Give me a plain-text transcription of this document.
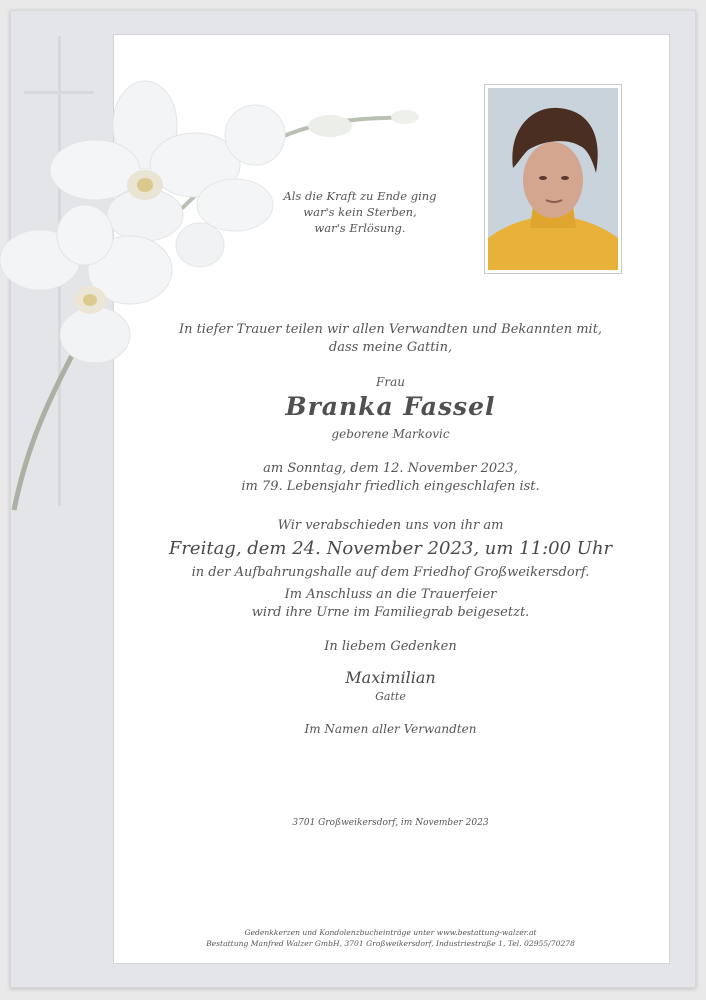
Als die Kraft zu Ende ging
war's kein Sterben,
war's Erlösung.
In tiefer Trauer teilen wir allen Verwandten und Bekannten mit,
dass meine Gattin,
Frau
Branka Fassel
geborene Markovic
am Sonntag, dem 12. November 2023,
im 79. Lebensjahr friedlich eingeschlafen ist.
Wir verabschieden uns von ihr am
Freitag, dem 24. November 2023, um 11:00 Uhr
in der Aufbahrungshalle auf dem Friedhof Großweikersdorf.
Im Anschluss an die Trauerfeier
wird ihre Urne im Familiegrab beigesetzt.
In liebem Gedenken
Maximilian
Gatte
Im Namen aller Verwandten
3701 Großweikersdorf, im November 2023
Gedenkkerzen und Kondolenzbucheinträge unter www.bestattung-walzer.at
Bestattung Manfred Walzer GmbH, 3701 Großweikersdorf, Industriestraße 1, Tel. 02955/70278
